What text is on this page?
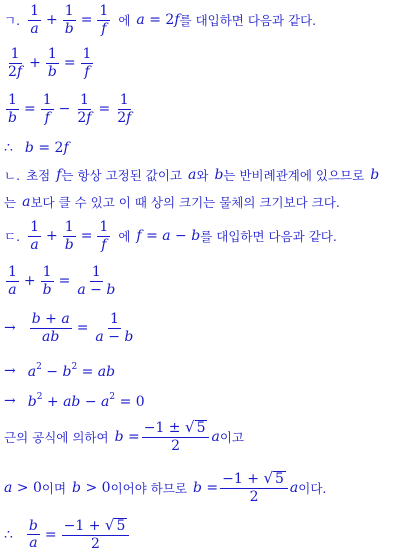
ㄱ. $\frac{1}{a} + \frac{1}{b} = \frac{1}{f}$ 에 a = 2f 를 대입하면 다음과 같다.
$\frac{1}{2f} + \frac{1}{b} = \frac{1}{f}$
$\frac{1}{b} = \frac{1}{f} - \frac{1}{2f} = \frac{1}{2f}$
∴ b = 2f
ㄴ. 초점 f 는 항상 고정된 값이고 a 와 b 는 반비례관계에 있으므로 b
는 a 보다 클 수 있고 이 때 상의 크기는 물체의 크기보다 크다.
ㄷ. $\frac{1}{a} + \frac{1}{b} = \frac{1}{f}$ 에 f = a − b 를 대입하면 다음과 같다.
$\frac{1}{a} + \frac{1}{b} = \frac{1}{a - b}$
→ $\frac{b + a}{ab} = \frac{1}{a - b}$
→ $a^2 - b^2$ = ab
→ $b^2$ + ab − $a^2 = 0$
근의 공식에 의하여 $b = \frac{-1 \pm √ 5}{2}$ a 이고
a > 0 이며 b > 0 이어야 하므로 $b = \frac{-1 + √ 5}{2}$ a 이다.
∴ $\frac{b}{a} = \frac{-1 + √ 5}{2}$
